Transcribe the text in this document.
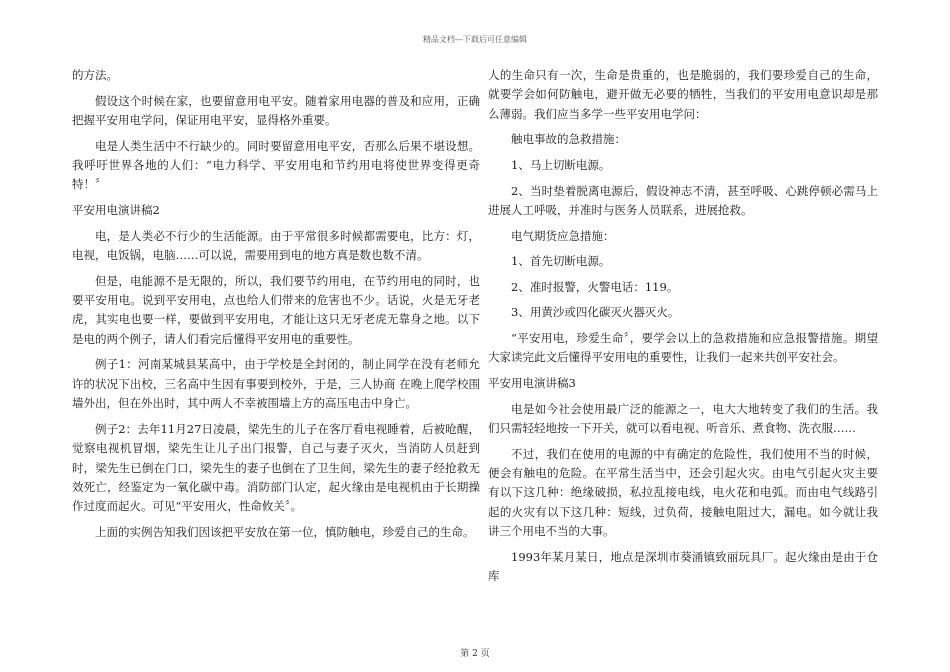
精品文档---下载后可任意编辑

的方法。

假设这个时候在家，也要留意用电平安。随着家用电器的普及和应用，正确把握平安用电学问，保证用电平安，显得格外重要。

电是人类生活中不行缺少的。同时要留意用电平安，否那么后果不堪设想。我呼吁世界各地的人们：“电力科学、平安用电和节约用电将使世界变得更奇特！〞

平安用电演讲稿2

电，是人类必不行少的生活能源。由于平常很多时候都需要电，比方：灯，电视，电饭锅，电脑……可以说，需要用到电的地方真是数也数不清。

但是，电能源不是无限的，所以，我们要节约用电，在节约用电的同时，也要平安用电。说到平安用电，点也给人们带来的危害也不少。话说，火是无牙老虎，其实电也要一样，要做到平安用电，才能让这只无牙老虎无靠身之地。以下是电的两个例子，请人们看完后懂得平安用电的重要性。

例子1：河南某城县某高中，由于学校是全封闭的，制止同学在没有老师允许的状况下出校，三名高中生因有事要到校外，于是，三人协商 在晚上爬学校围墙外出，但在外出时，其中两人不幸被围墙上方的高压电击中身亡。

例子2：去年11月27日凌晨，梁先生的儿子在客厅看电视睡着，后被呛醒，觉察电视机冒烟，梁先生让儿子出门报警，自己与妻子灭火，当消防人员赶到时，梁先生已倒在门口，梁先生的妻子也倒在了卫生间，梁先生的妻子经抢救无效死亡，经鉴定为一氧化碳中毒。消防部门认定，起火缘由是电视机由于长期操作过度而起火。可见“平安用火，性命攸关〞。

上面的实例告知我们因该把平安放在第一位，慎防触电，珍爱自己的生命。

人的生命只有一次，生命是贵重的，也是脆弱的，我们要珍爱自己的生命，就要学会如何防触电，避开做无必要的牺牲，当我们的平安用电意识却是那么薄弱。我们应当多学一些平安用电学问：

触电事故的急救措施：

1、马上切断电源。

2、当时垫着脱离电源后，假设神志不清，甚至呼吸、心跳停顿必需马上进展人工呼吸，并准时与医务人员联系，进展抢救。

电气期货应急措施：

1、首先切断电源。

2、准时报警，火警电话：119。

3、用黄沙或四化碳灭火器灭火。

“平安用电，珍爱生命〞，要学会以上的急救措施和应急报警措施。期望大家读完此文后懂得平安用电的重要性，让我们一起来共创平安社会。

平安用电演讲稿3

电是如今社会使用最广泛的能源之一，电大大地转变了我们的生活。我们只需轻轻地按一下开关，就可以看电视、听音乐、煮食物、洗衣服……

不过，我们在使用的电源的中有确定的危险性，我们使用不当的时候，便会有触电的危险。在平常生活当中，还会引起火灾。由电气引起火灾主要有以下这几种：绝缘破损，私拉乱接电线，电火花和电弧。而由电气线路引起的火灾有以下这几种：短线，过负荷，接触电阻过大，漏电。如今就让我讲三个用电不当的大事。

1993年某月某日，地点是深圳市葵涌镇致丽玩具厂。起火缘由是由于仓库

第 2 页
